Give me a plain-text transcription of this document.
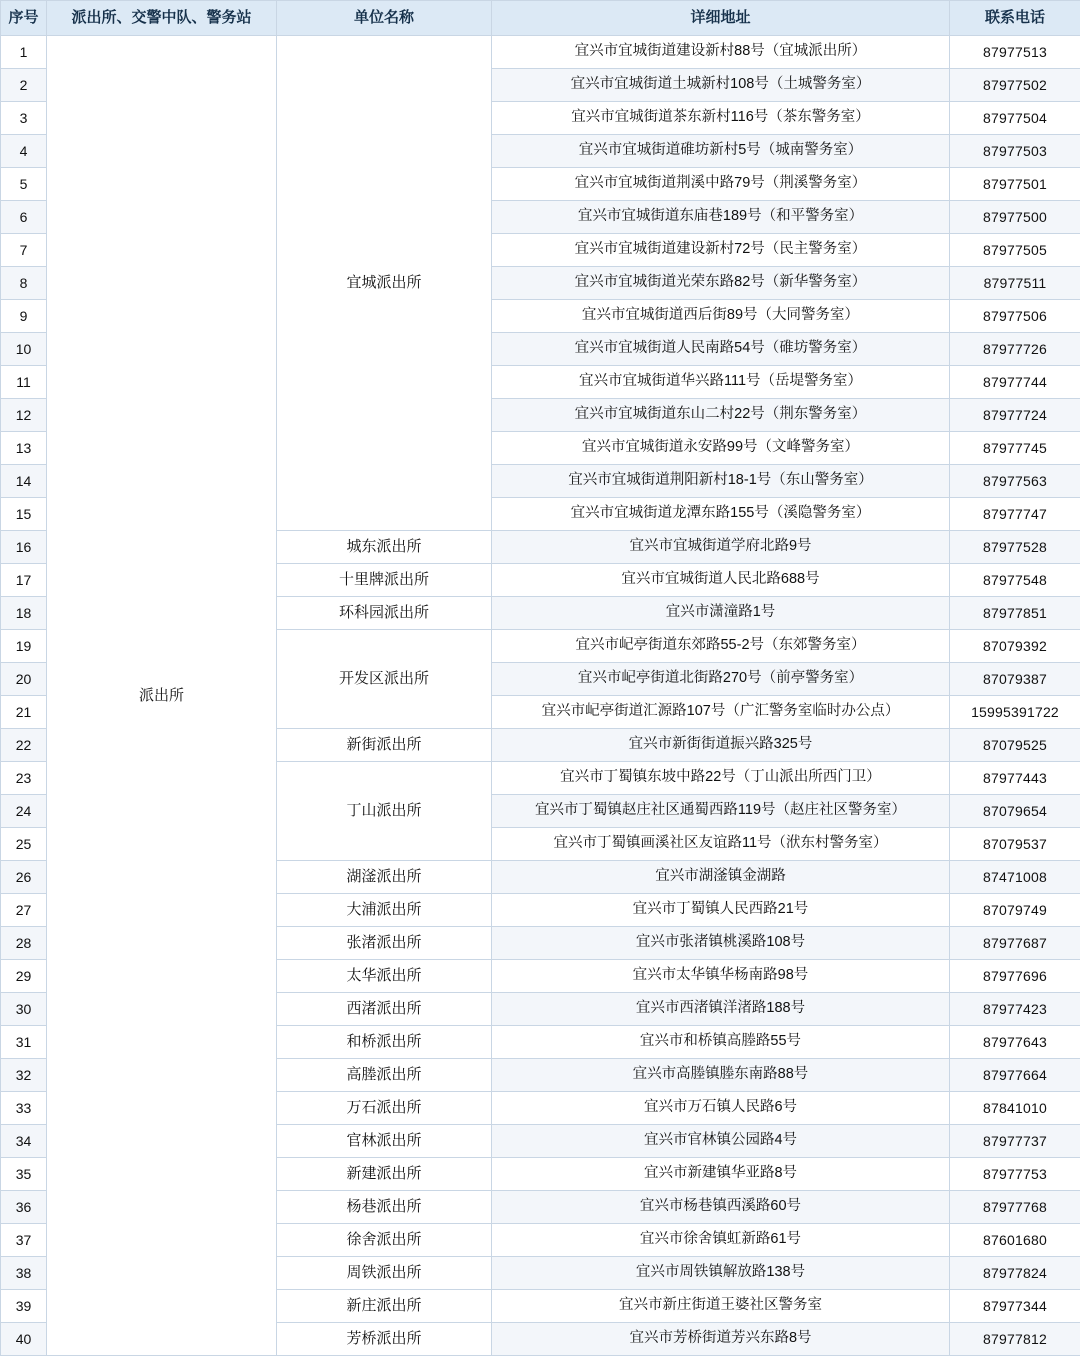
序号	派出所、交警中队、警务站	单位名称	详细地址	联系电话
1	派出所	宜城派出所	宜兴市宜城街道建设新村88号（宜城派出所）	87977513
2			宜兴市宜城街道土城新村108号（土城警务室）	87977502
3			宜兴市宜城街道茶东新村116号（茶东警务室）	87977504
4			宜兴市宜城街道碓坊新村5号（城南警务室）	87977503
5			宜兴市宜城街道荆溪中路79号（荆溪警务室）	87977501
6			宜兴市宜城街道东庙巷189号（和平警务室）	87977500
7			宜兴市宜城街道建设新村72号（民主警务室）	87977505
8			宜兴市宜城街道光荣东路82号（新华警务室）	87977511
9			宜兴市宜城街道西后街89号（大同警务室）	87977506
10			宜兴市宜城街道人民南路54号（碓坊警务室）	87977726
11			宜兴市宜城街道华兴路111号（岳堤警务室）	87977744
12			宜兴市宜城街道东山二村22号（荆东警务室）	87977724
13			宜兴市宜城街道永安路99号（文峰警务室）	87977745
14			宜兴市宜城街道荆阳新村18-1号（东山警务室）	87977563
15			宜兴市宜城街道龙潭东路155号（溪隐警务室）	87977747
16		城东派出所	宜兴市宜城街道学府北路9号	87977528
17		十里牌派出所	宜兴市宜城街道人民北路688号	87977548
18		环科园派出所	宜兴市潇潼路1号	87977851
19		开发区派出所	宜兴市屺亭街道东郊路55-2号（东郊警务室）	87079392
20			宜兴市屺亭街道北街路270号（前亭警务室）	87079387
21			宜兴市屺亭街道汇源路107号（广汇警务室临时办公点）	15995391722
22		新街派出所	宜兴市新街街道振兴路325号	87079525
23		丁山派出所	宜兴市丁蜀镇东坡中路22号（丁山派出所西门卫）	87977443
24			宜兴市丁蜀镇赵庄社区通蜀西路119号（赵庄社区警务室）	87079654
25			宜兴市丁蜀镇画溪社区友谊路11号（洑东村警务室）	87079537
26		湖滏派出所	宜兴市湖滏镇金湖路	87471008
27		大浦派出所	宜兴市丁蜀镇人民西路21号	87079749
28		张渚派出所	宜兴市张渚镇桃溪路108号	87977687
29		太华派出所	宜兴市太华镇华杨南路98号	87977696
30		西渚派出所	宜兴市西渚镇洋渚路188号	87977423
31		和桥派出所	宜兴市和桥镇高塍路55号	87977643
32		高塍派出所	宜兴市高塍镇塍东南路88号	87977664
33		万石派出所	宜兴市万石镇人民路6号	87841010
34		官林派出所	宜兴市官林镇公园路4号	87977737
35		新建派出所	宜兴市新建镇华亚路8号	87977753
36		杨巷派出所	宜兴市杨巷镇西溪路60号	87977768
37		徐舍派出所	宜兴市徐舍镇虹新路61号	87601680
38		周铁派出所	宜兴市周铁镇解放路138号	87977824
39		新庄派出所	宜兴市新庄街道王婆社区警务室	87977344
40		芳桥派出所	宜兴市芳桥街道芳兴东路8号	87977812
